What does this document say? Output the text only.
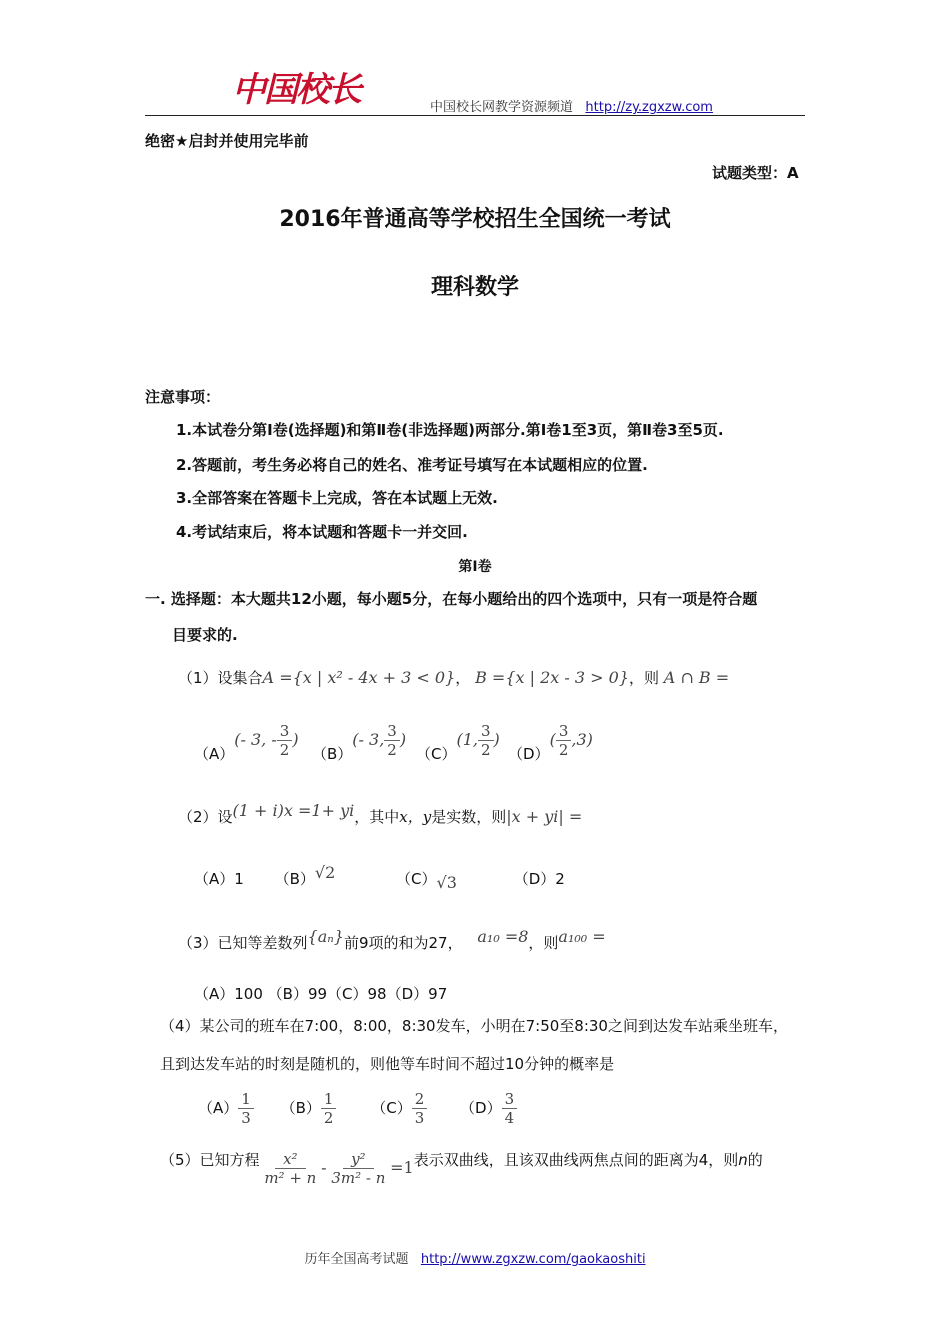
中国校长	中国校长网教学资源频道 http://zy.zgxzw.com
绝密★启封并使用完毕前
试题类型：A
2016年普通高等学校招生全国统一考试
理科数学
注意事项：
1.本试卷分第Ⅰ卷(选择题)和第Ⅱ卷(非选择题)两部分.第Ⅰ卷1至3页，第Ⅱ卷3至5页.
2.答题前，考生务必将自己的姓名、准考证号填写在本试题相应的位置.
3.全部答案在答题卡上完成，答在本试题上无效.
4.考试结束后，将本试题和答题卡一并交回.
第Ⅰ卷
一. 选择题：本大题共12小题，每小题5分，在每小题给出的四个选项中，只有一项是符合题
目要求的.
（1）设集合A ={x | x² - 4x + 3 < 0}， B ={x | 2x - 3 > 0}，则 A ∩ B =
（A）(- 3, - $\frac{3}{2}$ )
（B）(- 3, $\frac{3}{2}$ )
（C）(1, $\frac{3}{2}$ )
$(D)( \frac{3}{2} ,3)$
（2）设(1 + i)x =1+ yi，其中x，y是实数，则|x + yi| =
（A）1 （B）√2	（C）√3	（D）2
（3）已知等差数列{aₙ}前9项的和为27， a₁₀ =8，则a₁₀₀ =
（A）100 （B）99（C）98（D）97
（4）某公司的班车在7:00，8:00，8:30发车，小明在7:50至8:30之间到达发车站乘坐班车，
且到达发车站的时刻是随机的，则他等车时间不超过10分钟的概率是
$(A) \frac{1}{3} (B) \frac{1}{2} (C) \frac{2}{3} (D) \frac{3}{4}$
（5）已知方程 $\frac{\text{x²}}{\text{m² + n}} - \frac{\text{y²}}{\text{3m² - n}} =1$表示双曲线，且该双曲线两焦点间的距离为4，则n的
历年全国高考试题 http://www.zgxzw.com/gaokaoshiti
